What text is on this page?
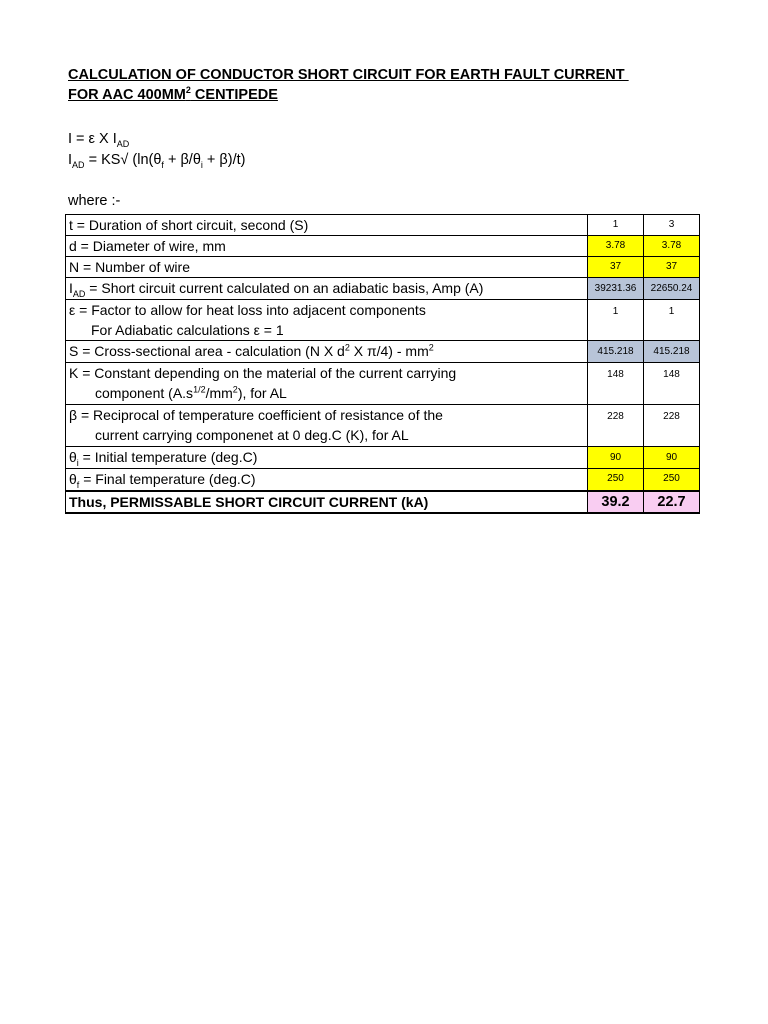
CALCULATION OF CONDUCTOR SHORT CIRCUIT FOR EARTH FAULT CURRENT
FOR AAC $400MM^2$ CENTIPEDE
I = ε X $I_{AD}$
$I_{AD} = KS√$ $(\ln(\theta_f + \beta/\theta_i + \beta)/t)$
where :-
t = Duration of short circuit, second (S)	1	3
d = Diameter of wire, mm	3.78	3.78
N = Number of wire	37	37
$I_{AD}$ = Short circuit current calculated on an adiabatic basis, Amp (A)	39231.36	22650.24
ε = Factor to allow for heat loss into adjacent components
For Adiabatic calculations ε = 1	1	1
S = Cross-sectional area - calculation (N X $d^2$ X $\pi/4) - mm^2$	415.218	415.218
K = Constant depending on the material of the current carrying
component $(A.s^{1/2}/mm^2)$, for AL	148	148
β = Reciprocal of temperature coefficient of resistance of the
current carrying componenet at 0 deg.C (K), for AL	228	228
$\theta_i$ = Initial temperature (deg.C)	90	90
$\theta_f$ = Final temperature (deg.C)	250	250
Thus, PERMISSABLE SHORT CIRCUIT CURRENT (kA)	39.2	22.7
